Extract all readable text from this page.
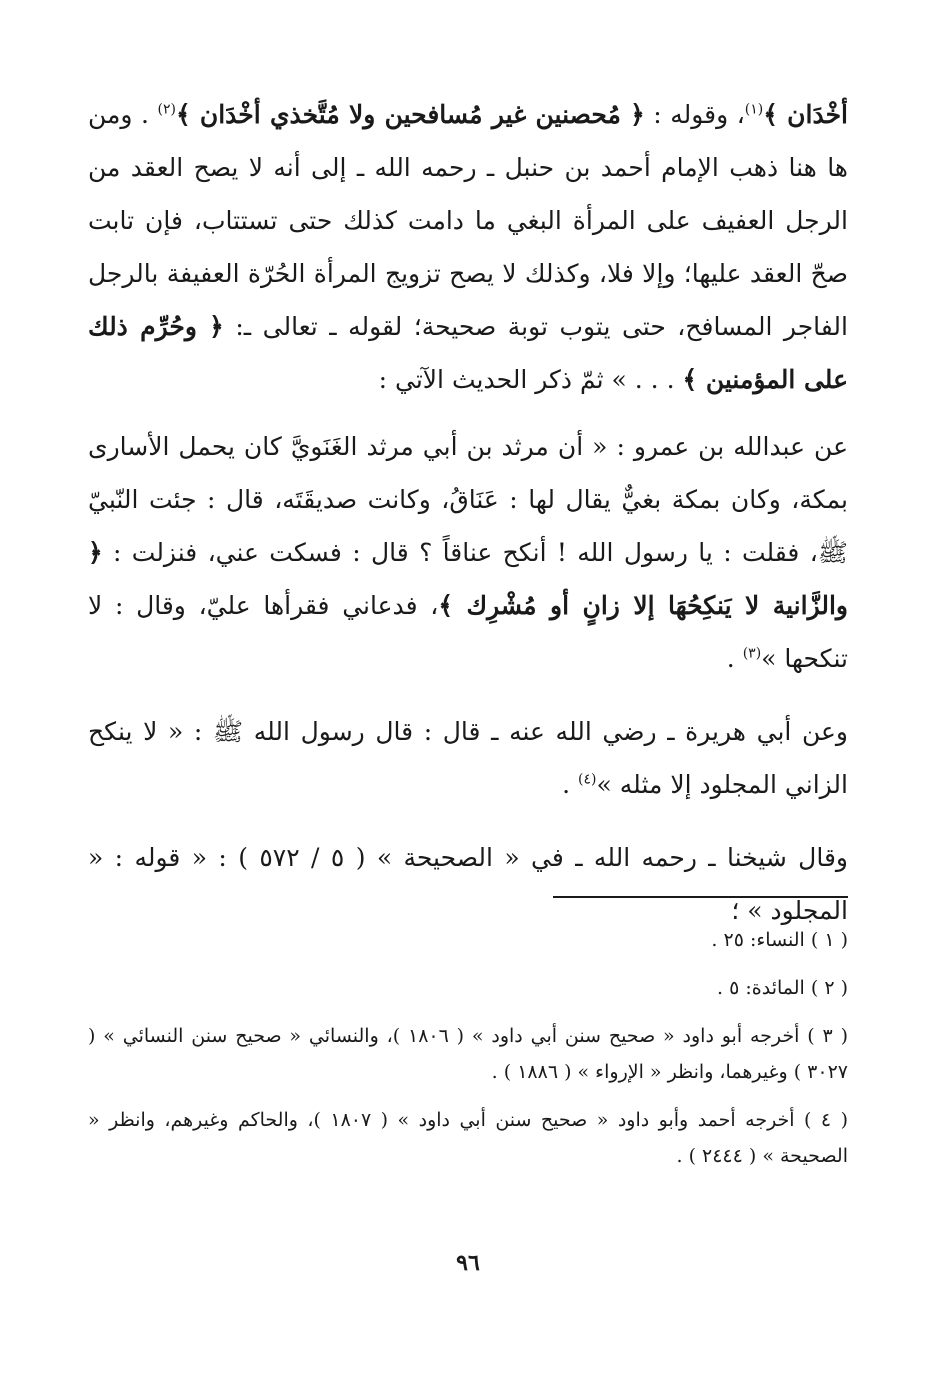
أخْدَان ﴾$^{(١)}$، وقوله : ﴿ مُحصنين غير مُسافحين ولا مُتَّخذي أخْدَان ﴾$^{(٢)}$ . ومن ها هنا ذهب الإمام أحمد بن حنبل ـ رحمه الله ـ إلى أنه لا يصح العقد من الرجل العفيف على المرأة البغي ما دامت كذلك حتى تستتاب، فإن تابت صحّ العقد عليها؛ وإلا فلا، وكذلك لا يصح تزويج المرأة الحُرّة العفيفة بالرجل الفاجر المسافح، حتى يتوب توبة صحيحة؛ لقوله ـ تعالى ـ: ﴿ وحُرِّم ذلك على المؤمنين ﴾ . . . » ثمّ ذكر الحديث الآتي :

عن عبدالله بن عمرو : « أن مرثد بن أبي مرثد الغَنَويَّ كان يحمل الأسارى بمكة، وكان بمكة بغيٌّ يقال لها : عَنَاقُ، وكانت صديقَتَه، قال : جئت النّبيّ ﷺ، فقلت : يا رسول الله ! أنكح عناقاً ؟ قال : فسكت عني، فنزلت : ﴿ والزَّانية لا يَنكِحُهَا إلا زانٍ أو مُشْرِك ﴾، فدعاني فقرأها عليّ، وقال : لا تنكحها »$^{(٣)}$ .

وعن أبي هريرة ـ رضي الله عنه ـ قال : قال رسول الله ﷺ : « لا ينكح الزاني المجلود إلا مثله »$^{(٤)}$ .

وقال شيخنا ـ رحمه الله ـ في « الصحيحة » ( ٥ / ٥٧٢ ) : « قوله : « المجلود » ؛

( ١ ) النساء: ٢٥ .

( ٢ ) المائدة: ٥ .

( ٣ ) أخرجه أبو داود « صحيح سنن أبي داود » ( ١٨٠٦ )، والنسائي « صحيح سنن النسائي » ( ٣٠٢٧ ) وغيرهما، وانظر « الإرواء » ( ١٨٨٦ ) .

( ٤ ) أخرجه أحمد وأبو داود « صحيح سنن أبي داود » ( ١٨٠٧ )، والحاكم وغيرهم، وانظر « الصحيحة » ( ٢٤٤٤ ) .

٩٦
